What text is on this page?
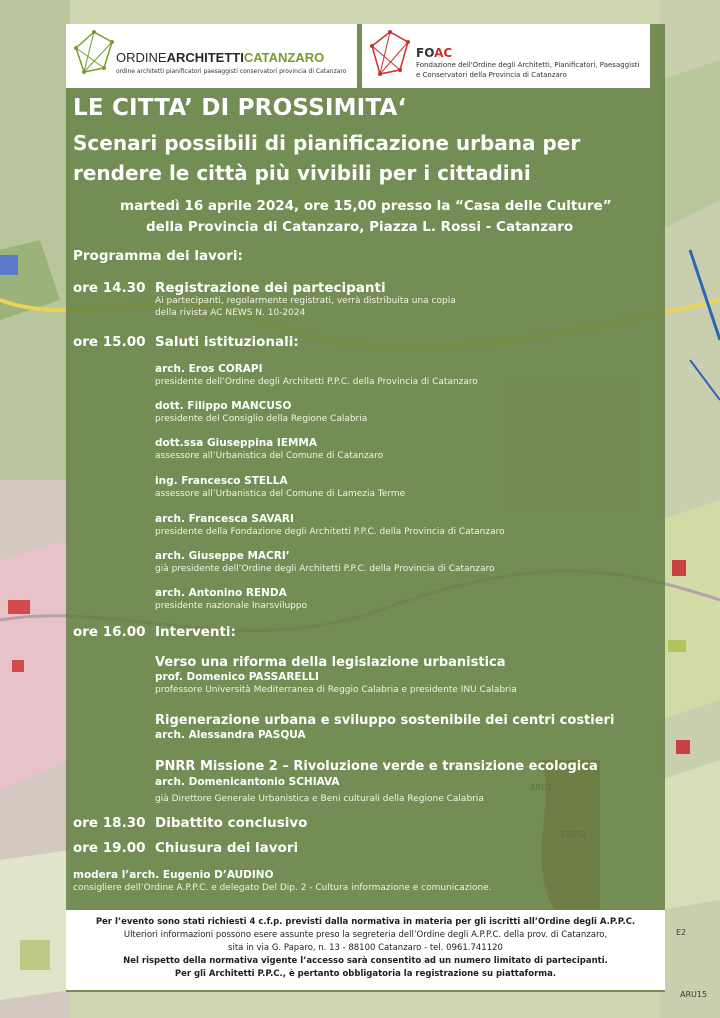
ARU15
E2
ORDINEARCHITETTICATANZARO
ordine architetti pianificatori paesaggisti conservatori provincia di Catanzaro
FOAC
Fondazione dell'Ordine degli Architetti, Pianificatori, Paesaggisti
e Conservatori della Provincia di Catanzaro
LE CITTA’ DI PROSSIMITA‘
Scenari possibili di pianificazione urbana per
rendere le città più vivibili per i cittadini
martedì 16 aprile 2024, ore 15,00 presso la “Casa delle Culture”
della Provincia di Catanzaro, Piazza L. Rossi - Catanzaro
Programma dei lavori:
ore 14.30 Registrazione dei partecipanti
Ai partecipanti, regolarmente registrati, verrà distribuita una copia
della rivista AC NEWS N. 10-2024
ore 15.00 Saluti istituzionali:
arch. Eros CORAPI
presidente dell’Ordine degli Architetti P.P.C. della Provincia di Catanzaro
dott. Filippo MANCUSO
presidente del Consiglio della Regione Calabria
dott.ssa Giuseppina IEMMA
assessore all’Urbanistica del Comune di Catanzaro
ing. Francesco STELLA
assessore all’Urbanistica del Comune di Lamezia Terme
arch. Francesca SAVARI
presidente della Fondazione degli Architetti P.P.C. della Provincia di Catanzaro
arch. Giuseppe MACRI’
già presidente dell’Ordine degli Architetti P.P.C. della Provincia di Catanzaro
arch. Antonino RENDA
presidente nazionale Inarsviluppo
ore 16.00 Interventi:
Verso una riforma della legislazione urbanistica
prof. Domenico PASSARELLI
professore Università Mediterranea di Reggio Calabria e presidente INU Calabria
Rigenerazione urbana e sviluppo sostenibile dei centri costieri
arch. Alessandra PASQUA
PNRR Missione 2 – Rivoluzione verde e transizione ecologica
arch. Domenicantonio SCHIAVA
già Direttore Generale Urbanistica e Beni culturali della Regione Calabria
ore 18.30 Dibattito conclusivo
ore 19.00 Chiusura dei lavori
modera l’arch. Eugenio D’AUDINO
consigliere dell’Ordine A.P.P.C. e delegato Del Dip. 2 - Cultura informazione e comunicazione.
Per l’evento sono stati richiesti 4 c.f.p. previsti dalla normativa in materia per gli iscritti all’Ordine degli A.P.P.C.
Ulteriori informazioni possono esere assunte preso la segreteria dell’Ordine degli A.P.P.C. della prov. di Catanzaro,
sita in via G. Paparo, n. 13 - 88100 Catanzaro - tel. 0961.741120
Nel rispetto della normativa vigente l’accesso sarà consentito ad un numero limitato di partecipanti.
Per gli Architetti P.P.C., è pertanto obbligatoria la registrazione su piattaforma.
